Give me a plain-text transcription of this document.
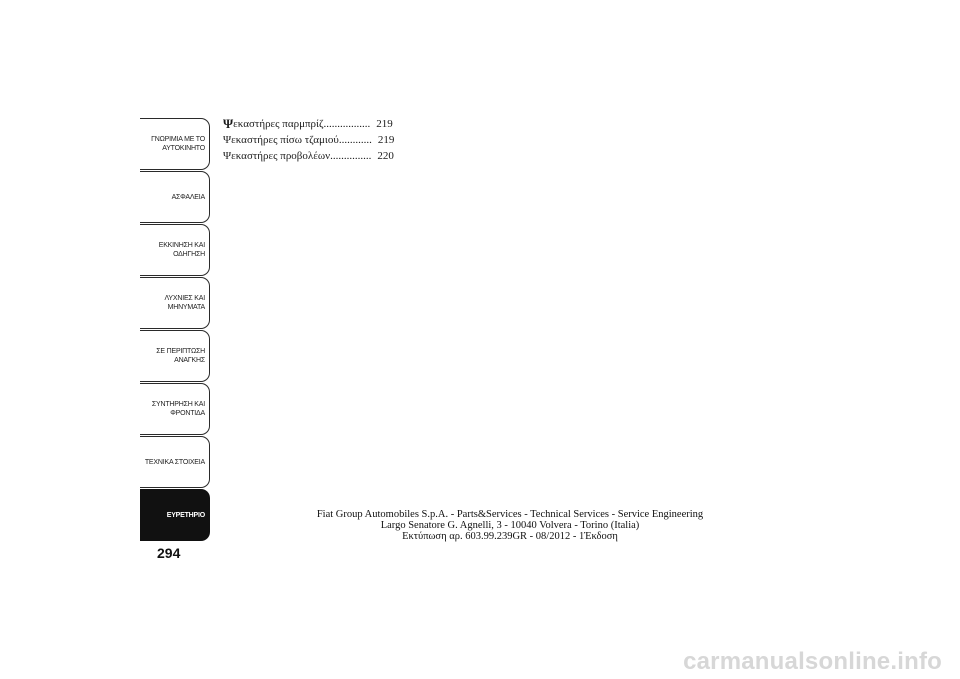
ΓΝΩΡΙΜΙΑ ΜΕ ΤΟ
ΑΥΤΟΚΙΝΗΤΟ
ΑΣΦΑΛΕΙΑ
ΕΚΚΙΝΗΣΗ ΚΑΙ
ΟΔΗΓΗΣΗ
ΛΥΧΝΙΕΣ ΚΑΙ
ΜΗΝΥΜΑΤΑ
ΣΕ ΠΕΡΙΠΤΩΣΗ
ΑΝΑΓΚΗΣ
ΣΥΝΤΗΡΗΣΗ ΚΑΙ
ΦΡΟΝΤΙΔΑ
ΤΕΧΝΙΚΑ ΣΤΟΙΧΕΙΑ
ΕΥΡΕΤΗΡΙΟ
294
Ψ εκαστήρες παρμπρίζ ................. 219
Ψεκαστήρες πίσω τζαμιού ............ 219
Ψεκαστήρες προβολέων ............... 220
Fiat Group Automobiles S.p.A. - Parts&Services - Technical Services - Service Engineering
Largo Senatore G. Agnelli, 3 - 10040 Volvera - Torino (Italia)
Εκτύπωση αρ. 603.99.239GR - 08/2012 - 1Έκδοση
carmanualsonline.info
